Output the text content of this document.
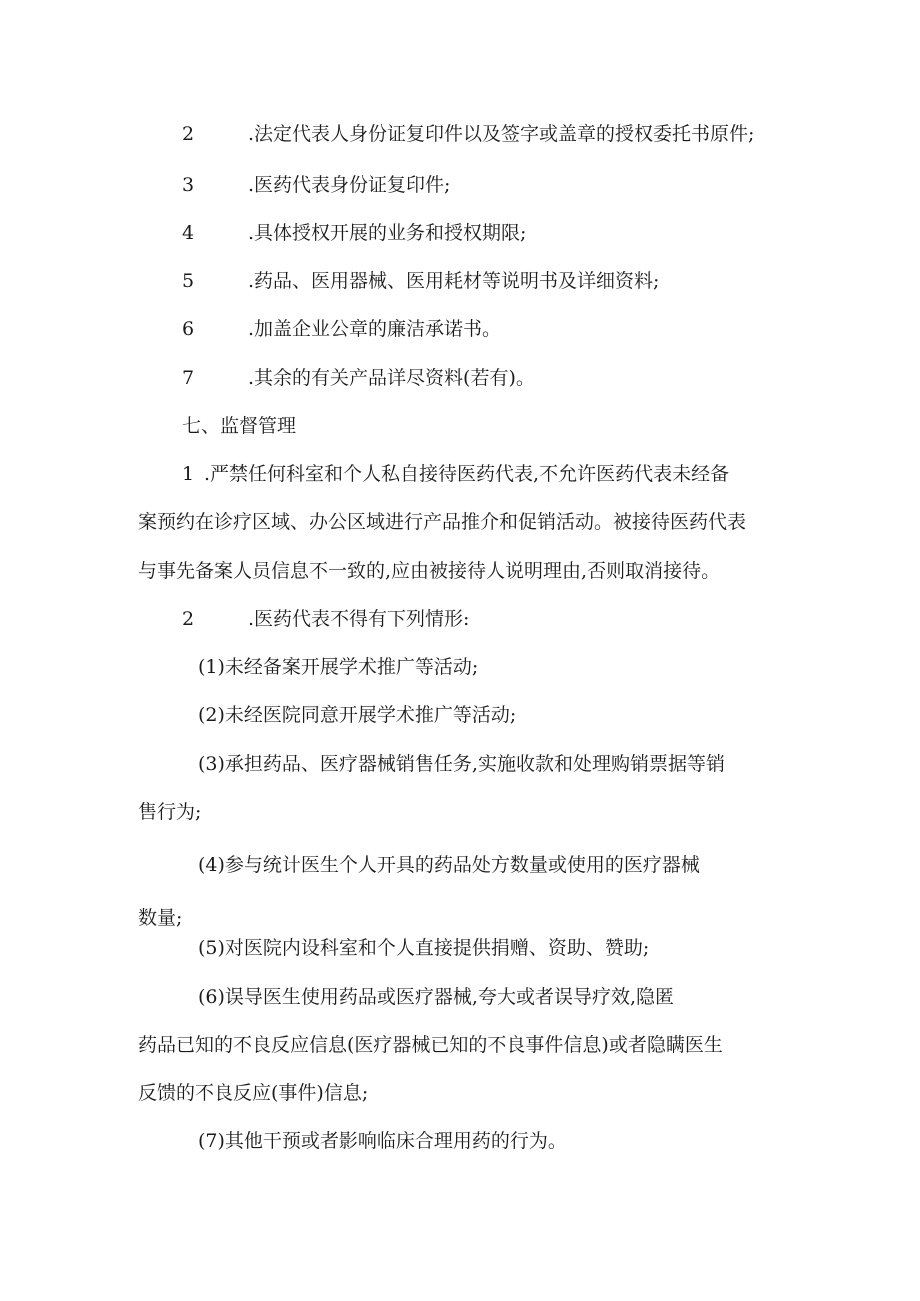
2	.法定代表人身份证复印件以及签字或盖章的授权委托书原件;
3	.医药代表身份证复印件;
4	.具体授权开展的业务和授权期限;
5	.药品、医用器械、医用耗材等说明书及详细资料;
6	.加盖企业公章的廉洁承诺书。
7	.其余的有关产品详尽资料(若有)。
七、监督管理
1 .严禁任何科室和个人私自接待医药代表,不允许医药代表未经备
案预约在诊疗区域、办公区域进行产品推介和促销活动。被接待医药代表
与事先备案人员信息不一致的,应由被接待人说明理由,否则取消接待。
2	.医药代表不得有下列情形:
(1)未经备案开展学术推广等活动;
(2)未经医院同意开展学术推广等活动;
(3)承担药品、医疗器械销售任务,实施收款和处理购销票据等销
售行为;
(4)参与统计医生个人开具的药品处方数量或使用的医疗器械
数量;
(5)对医院内设科室和个人直接提供捐赠、资助、赞助;
(6)误导医生使用药品或医疗器械,夸大或者误导疗效,隐匿
药品已知的不良反应信息(医疗器械已知的不良事件信息)或者隐瞒医生
反馈的不良反应(事件)信息;
(7)其他干预或者影响临床合理用药的行为。
